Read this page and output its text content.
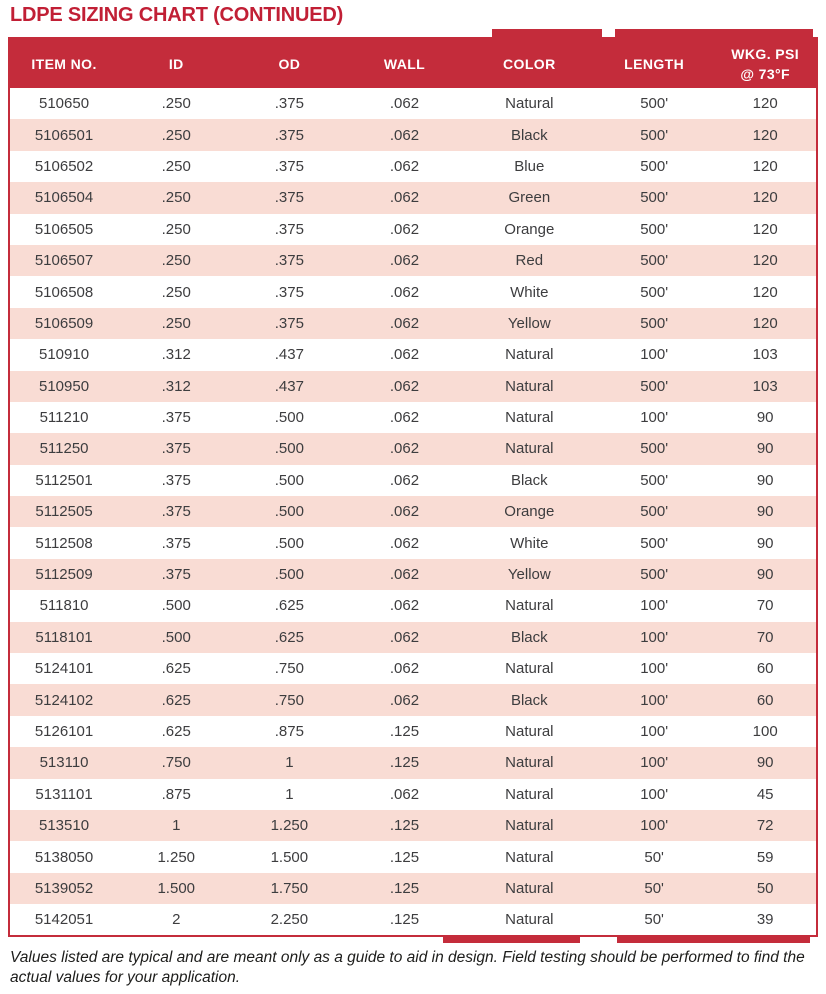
LDPE SIZING CHART (CONTINUED)
ITEM NO.	ID	OD	WALL	COLOR	LENGTH	WKG. PSI
@ 73°F

510650	.250	.375	.062	Natural	500'	120
5106501	.250	.375	.062	Black	500'	120
5106502	.250	.375	.062	Blue	500'	120
5106504	.250	.375	.062	Green	500'	120
5106505	.250	.375	.062	Orange	500'	120
5106507	.250	.375	.062	Red	500'	120
5106508	.250	.375	.062	White	500'	120
5106509	.250	.375	.062	Yellow	500'	120
510910	.312	.437	.062	Natural	100'	103
510950	.312	.437	.062	Natural	500'	103
511210	.375	.500	.062	Natural	100'	90
511250	.375	.500	.062	Natural	500'	90
5112501	.375	.500	.062	Black	500'	90
5112505	.375	.500	.062	Orange	500'	90
5112508	.375	.500	.062	White	500'	90
5112509	.375	.500	.062	Yellow	500'	90
511810	.500	.625	.062	Natural	100'	70
5118101	.500	.625	.062	Black	100'	70
5124101	.625	.750	.062	Natural	100'	60
5124102	.625	.750	.062	Black	100'	60
5126101	.625	.875	.125	Natural	100'	100
513110	.750	1	.125	Natural	100'	90
5131101	.875	1	.062	Natural	100'	45
513510	1	1.250	.125	Natural	100'	72
5138050	1.250	1.500	.125	Natural	50'	59
5139052	1.500	1.750	.125	Natural	50'	50
5142051	2	2.250	.125	Natural	50'	39
Values listed are typical and are meant only as a guide to aid in design. Field testing should be performed to find the actual values for your application.
